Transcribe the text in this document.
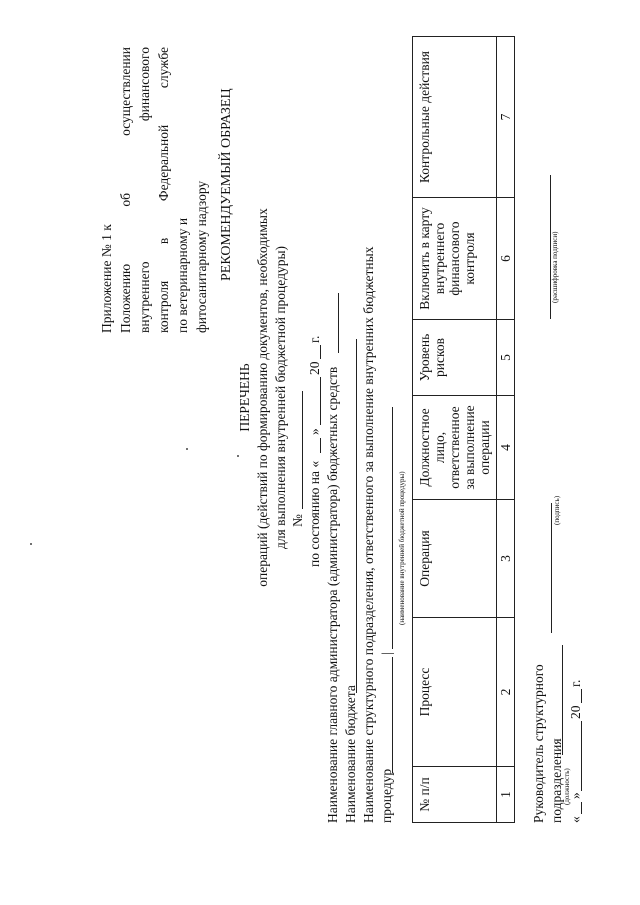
Приложение № 1 к Положению об осуществлении внутреннего финансового контроля в Федеральной службе по ветеринарному и фитосанитарному надзору РЕКОМЕНДУЕМЫЙ ОБРАЗЕЦ
ПЕРЕЧЕНЬ операций (действий по формированию документов, необходимых для выполнения внутренней бюджетной процедуры) № по состоянию на «
»
20
г.
Наименование главного администратора (администратора) бюджетных средств Наименование бюджета Наименование структурного подразделения, ответственного за выполнение внутренних бюджетных процедур
|
(наименование внутренней бюджетной процедуры)
№ п/п	Процесс	Операция	Должностное лицо, ответственное за выполнение операции	Уровень рисков	Включить в карту внутреннего финансового контроля	Контрольные действия
1	2	3	4	5	6	7
Руководитель структурного подразделения (должность)
(подпись)
(расшифровка подписи)
«
»
20
г.
